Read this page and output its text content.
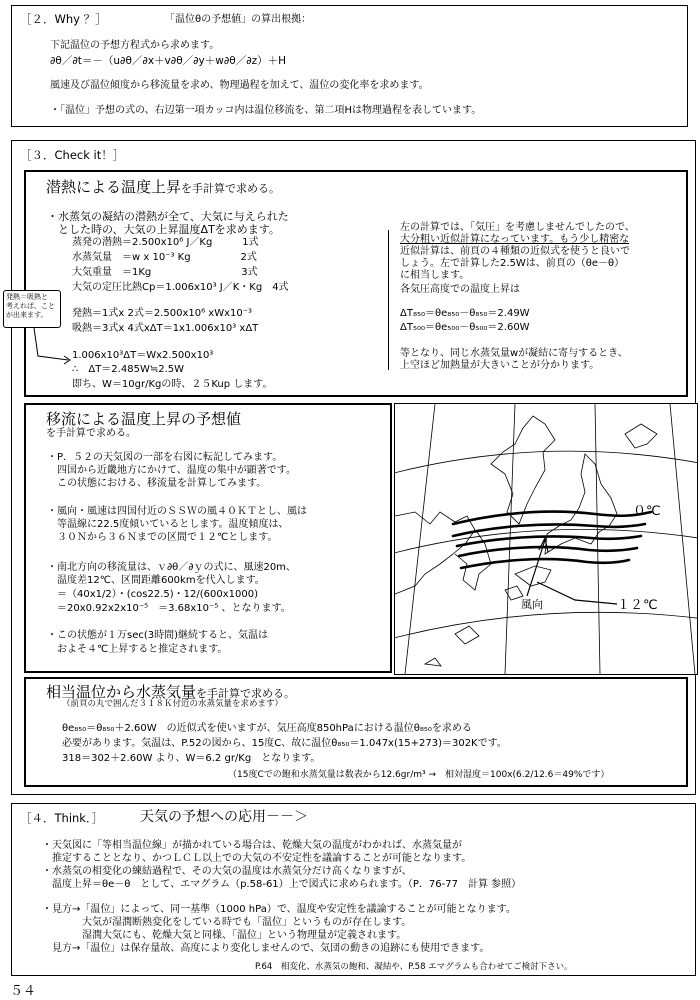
［２．Why ？］	「温位θの予想値」の算出根拠：
下記温位の予想方程式から求めます。
∂θ／∂t＝－（u∂θ／∂x＋v∂θ／∂y＋w∂θ／∂z）＋H
風速及び温位傾度から移流量を求め、物理過程を加えて、温位の変化率を求めます。
・「温位」予想の式の、右辺第一項カッコ内は温位移流を、第二項Hは物理過程を表しています。
［３．Check it！］
潜熱による温度上昇を手計算で求める。
・水蒸気の凝結の潜熱が全て、大気に与えられた
　とした時の、大気の上昇温度ΔTを求めます。
蒸発の潜熱＝2.500x10⁶ J／Kg　　　1式
水蒸気量　＝w x 10⁻³ Kg　　　　　2式
大気重量　＝1Kg　　　　　　　　　3式
大気の定圧比熱Cp＝1.006x10³ J／K・Kg　4式
発熱＝1式x 2式＝2.500x10⁶ xWx10⁻³
吸熱＝3式x 4式xΔT＝1x1.006x10³ xΔT
1.006x10³ΔT＝Wx2.500x10³
∴　ΔT＝2.485W≒2.5W
即ち、W＝10gr/Kgの時、２５Kup します。
発熱＝吸熱と
考えれば、こと
が出来ます。
左の計算では、「気圧」を考慮しませんでしたので、
大分粗い近似計算になっています。もう少し精密な
近似計算は、前頁の４種類の近似式を使うと良いで
しょう。左で計算した2.5Wは、前頁の（θe－θ）
に相当します。
各気圧高度での温度上昇は
ΔT₈₅₀＝θe₈₅₀－θ₈₅₀＝2.49W
ΔT₅₀₀＝θe₅₀₀－θ₅₀₀＝2.60W
等となり、同じ水蒸気量wが凝結に寄与するとき、
上空ほど加熱量が大きいことが分かります。
移流による温度上昇の予想値
を手計算で求める。
・P．５２の天気図の一部を右図に転記してみます。
　四国から近畿地方にかけて、温度の集中が顕著です。
　この状態における、移流量を計算してみます。
・風向・風速は四国付近のＳＳＷの風４０ＫＴとし、風は
　等温線に22.5度傾いているとします。温度傾度は、
　３０Ｎから３６Ｎまでの区間で１２℃とします。
・南北方向の移流量は、ｖ∂θ／∂ｙの式に、風速20m、
　温度差12℃、区間距離600kmを代入します。
　＝（40x1/2）・(cos22.5)・12/(600x1000)
　＝20x0.92x2x10⁻⁵　＝3.68x10⁻⁵ 、となります。
・この状態が１万sec(3時間)継続すると、気温は
　およそ４℃上昇すると推定されます。
風向
０℃
１２℃
相当温位から水蒸気量を手計算で求める。
（前頁の丸で囲んだ３１８Ｋ付近の水蒸気量を求めます）
θe₈₅₀＝θ₈₅₀＋2.60W　の近似式を使いますが、気圧高度850hPaにおける温位θ₈₅₀を求める
必要があります。気温は、P.52の図から、15度C、故に温位θ₈₅₀＝1.047x(15+273)＝302Kです。
318＝302＋2.60W より、W＝6.2 gr/Kg　となります。
（15度Cでの飽和水蒸気量は数表から12.6gr/m³ →　相対湿度＝100x(6.2/12.6＝49%です）
［４．Think．］	天気の予想への応用－－＞
・天気図に「等相当温位線」が描かれている場合は、乾燥大気の温度がわかれば、水蒸気量が
　推定することとなり、かつＬＣＬ以上での大気の不安定性を議論することが可能となります。
・水蒸気の相変化の練結過程で、その大気の温度は水蒸気分だけ高くなりますが、
　温度上昇＝θe－θ　として、エマグラム（p.58-61）上で図式に求められます。（P．76-77　計算 参照）
・見方→「温位」によって、同一基準（1000 hPa）で、温度や安定性を議論することが可能となります。
　　　　大気が湿潤断熱変化をしている時でも「温位」というものが存在します。
　　　　湿潤大気にも、乾燥大気と同様、「温位」という物理量が定義されます。
　見方→「温位」は保存量故、高度により変化しませんので、気団の動きの追跡にも使用できます。
P.64　相変化、水蒸気の飽和、凝結や、P.58 エマグラムも合わせてご検討下さい。
５４
